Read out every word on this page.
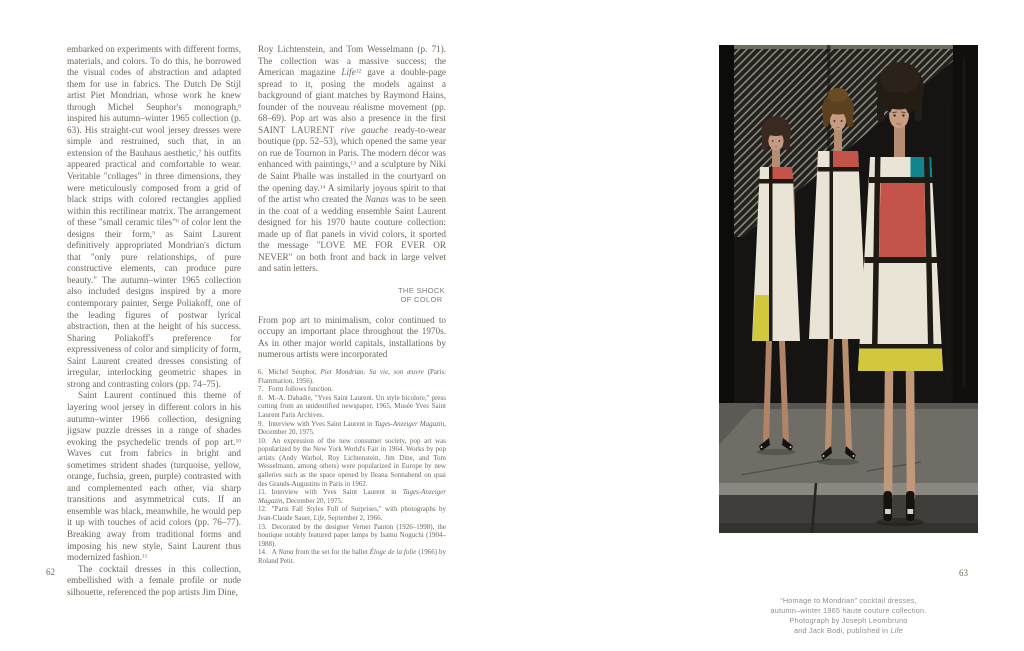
embarked on experiments with different forms, materials, and colors. To do this, he borrowed the visual codes of abstraction and adapted them for use in fabrics. The Dutch De Stijl artist Piet Mondrian, whose work he knew through Michel Seuphor's monograph,$^6$ inspired his autumn–winter 1965 collection (p. 63). His straight-cut wool jersey dresses were simple and restrained, such that, in an extension of the Bauhaus aesthetic,$^7$ his outfits appeared practical and comfortable to wear. Veritable "collages" in three dimensions, they were meticulously composed from a grid of black strips with colored rectangles applied within this rectilinear matrix. The arrangement of these "small ceramic tiles"$^8$ of color lent the designs their form,$^9$ as Saint Laurent definitively appropriated Mondrian's dictum that "only pure relationships, of pure constructive elements, can produce pure beauty." The autumn–winter 1965 collection also included designs inspired by a more contemporary painter, Serge Poliakoff, one of the leading figures of postwar lyrical abstraction, then at the height of his success. Sharing Poliakoff's preference for expressiveness of color and simplicity of form, Saint Laurent created dresses consisting of irregular, interlocking geometric shapes in strong and contrasting colors (pp. 74–75).

Saint Laurent continued this theme of layering wool jersey in different colors in his autumn–winter 1966 collection, designing jigsaw puzzle dresses in a range of shades evoking the psychedelic trends of pop art.$^{10}$ Waves cut from fabrics in bright and sometimes strident shades (turquoise, yellow, orange, fuchsia, green, purple) contrasted with and complemented each other, via sharp transitions and asymmetrical cuts. If an ensemble was black, meanwhile, he would pep it up with touches of acid colors (pp. 76–77). Breaking away from traditional forms and imposing his new style, Saint Laurent thus modernized fashion.$^{11}$

The cocktail dresses in this collection, embellished with a female profile or nude silhouette, referenced the pop artists Jim Dine,

Roy Lichtenstein, and Tom Wesselmann (p. 71). The collection was a massive success; the American magazine Life$^{12}$ gave a double-page spread to it, posing the models against a background of giant matches by Raymond Hains, founder of the nouveau réalisme movement (pp. 68–69). Pop art was also a presence in the first SAINT LAURENT rive gauche ready-to-wear boutique (pp. 52–53), which opened the same year on rue de Tournon in Paris. The modern décor was enhanced with paintings,$^{13}$ and a sculpture by Niki de Saint Phalle was installed in the courtyard on the opening day.$^{14}$ A similarly joyous spirit to that of the artist who created the Nanas was to be seen in the coat of a wedding ensemble Saint Laurent designed for his 1970 haute couture collection: made up of flat panels in vivid colors, it sported the message "LOVE ME FOR EVER OR NEVER" on both front and back in large velvet and satin letters.

THE SHOCK
OF COLOR

From pop art to minimalism, color continued to occupy an important place throughout the 1970s. As in other major world capitals, installations by numerous artists were incorporated

6. Michel Seuphor, Piet Mondrian. Sa vie, son œuvre (Paris: Flammarion, 1956).

7. Form follows function.

8. M.-A. Dabadie, "Yves Saint Laurent. Un style bicolore," press cutting from an unidentified newspaper, 1965, Musée Yves Saint Laurent Paris Archives.

9. Interview with Yves Saint Laurent in Tages-Anzeiger Magazin, December 20, 1975.

10. An expression of the new consumer society, pop art was popularized by the New York World's Fair in 1964. Works by pop artists (Andy Warhol, Roy Lichtenstein, Jim Dine, and Tom Wesselmann, among others) were popularized in Europe by new galleries such as the space opened by Ileana Sonnabend on quai des Grands-Augustins in Paris in 1962.

11. Interview with Yves Saint Laurent in Tages-Anzeiger Magazin, December 20, 1975.

12. "Paris Fall Styles Full of Surprises," with photographs by Jean-Claude Sauer, Life, September 2, 1966.

13. Decorated by the designer Verner Panton (1926–1998), the boutique notably featured paper lamps by Isamu Noguchi (1904–1988).

14. A Nana from the set for the ballet Éloge de la folie (1966) by Roland Petit.

62
“Homage to Mondrian” cocktail dresses,
autumn–winter 1965 haute couture collection.
Photograph by Joseph Leombruno
and Jack Bodi, published in Life
63
